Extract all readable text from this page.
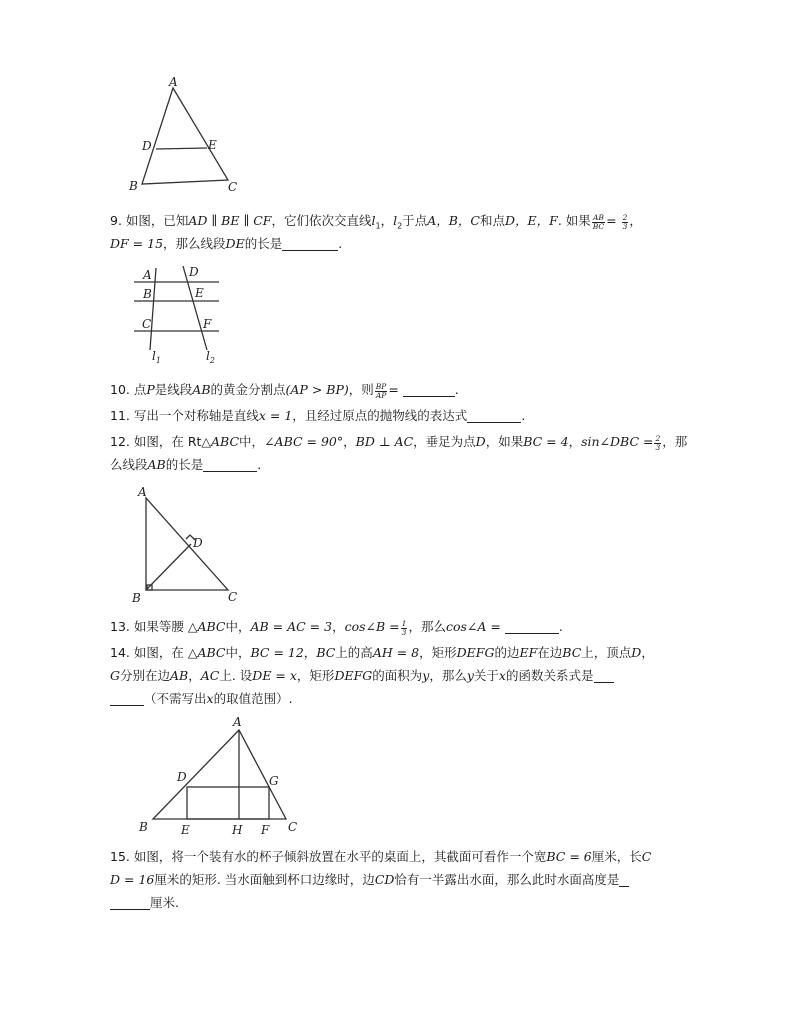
A
D	E
B	C
9. 如图，已知AD ∥ BE ∥ CF，它们依次交直线$l_1$，$l_2$于点A，B，C和点D，E，F. 如果 $\frac{AB}{BC} = \frac{2}{3}$ ，
DF = 15，那么线段DE的长是	.
A
B
C
D
E
F
$l_1$	$l_2$
10. 点P是线段AB的黄金分割点(AP > BP)，则 $\frac{BP}{AP}$ =	.
11. 写出一个对称轴是直线x = 1，且经过原点的抛物线的表达式	.
12. 如图，在 Rt△ABC中，∠ABC = 90°，BD ⊥ AC，垂足为点D，如果BC = 4，sin∠DBC = $\frac{2}{3}$ ，那
么线段AB的长是	.
A
D
B	C
13. 如果等腰 △ABC中，AB = AC = 3，cos∠B = $\frac{1}{3}$ ，那么cos∠A =	.
14. 如图，在 △ABC中，BC = 12，BC上的高AH = 8，矩形DEFG的边EF在边BC上，顶点D，
G分别在边AB，AC上. 设DE = x，矩形DEFG的面积为y，那么y关于x的函数关系式是
（不需写出x的取值范围）.
A
D	G
B	E	H F C
15. 如图，将一个装有水的杯子倾斜放置在水平的桌面上，其截面可看作一个宽BC = 6厘米，长C
D = 16厘米的矩形. 当水面触到杯口边缘时，边CD恰有一半露出水面，那么此时水面高度是
厘米.
